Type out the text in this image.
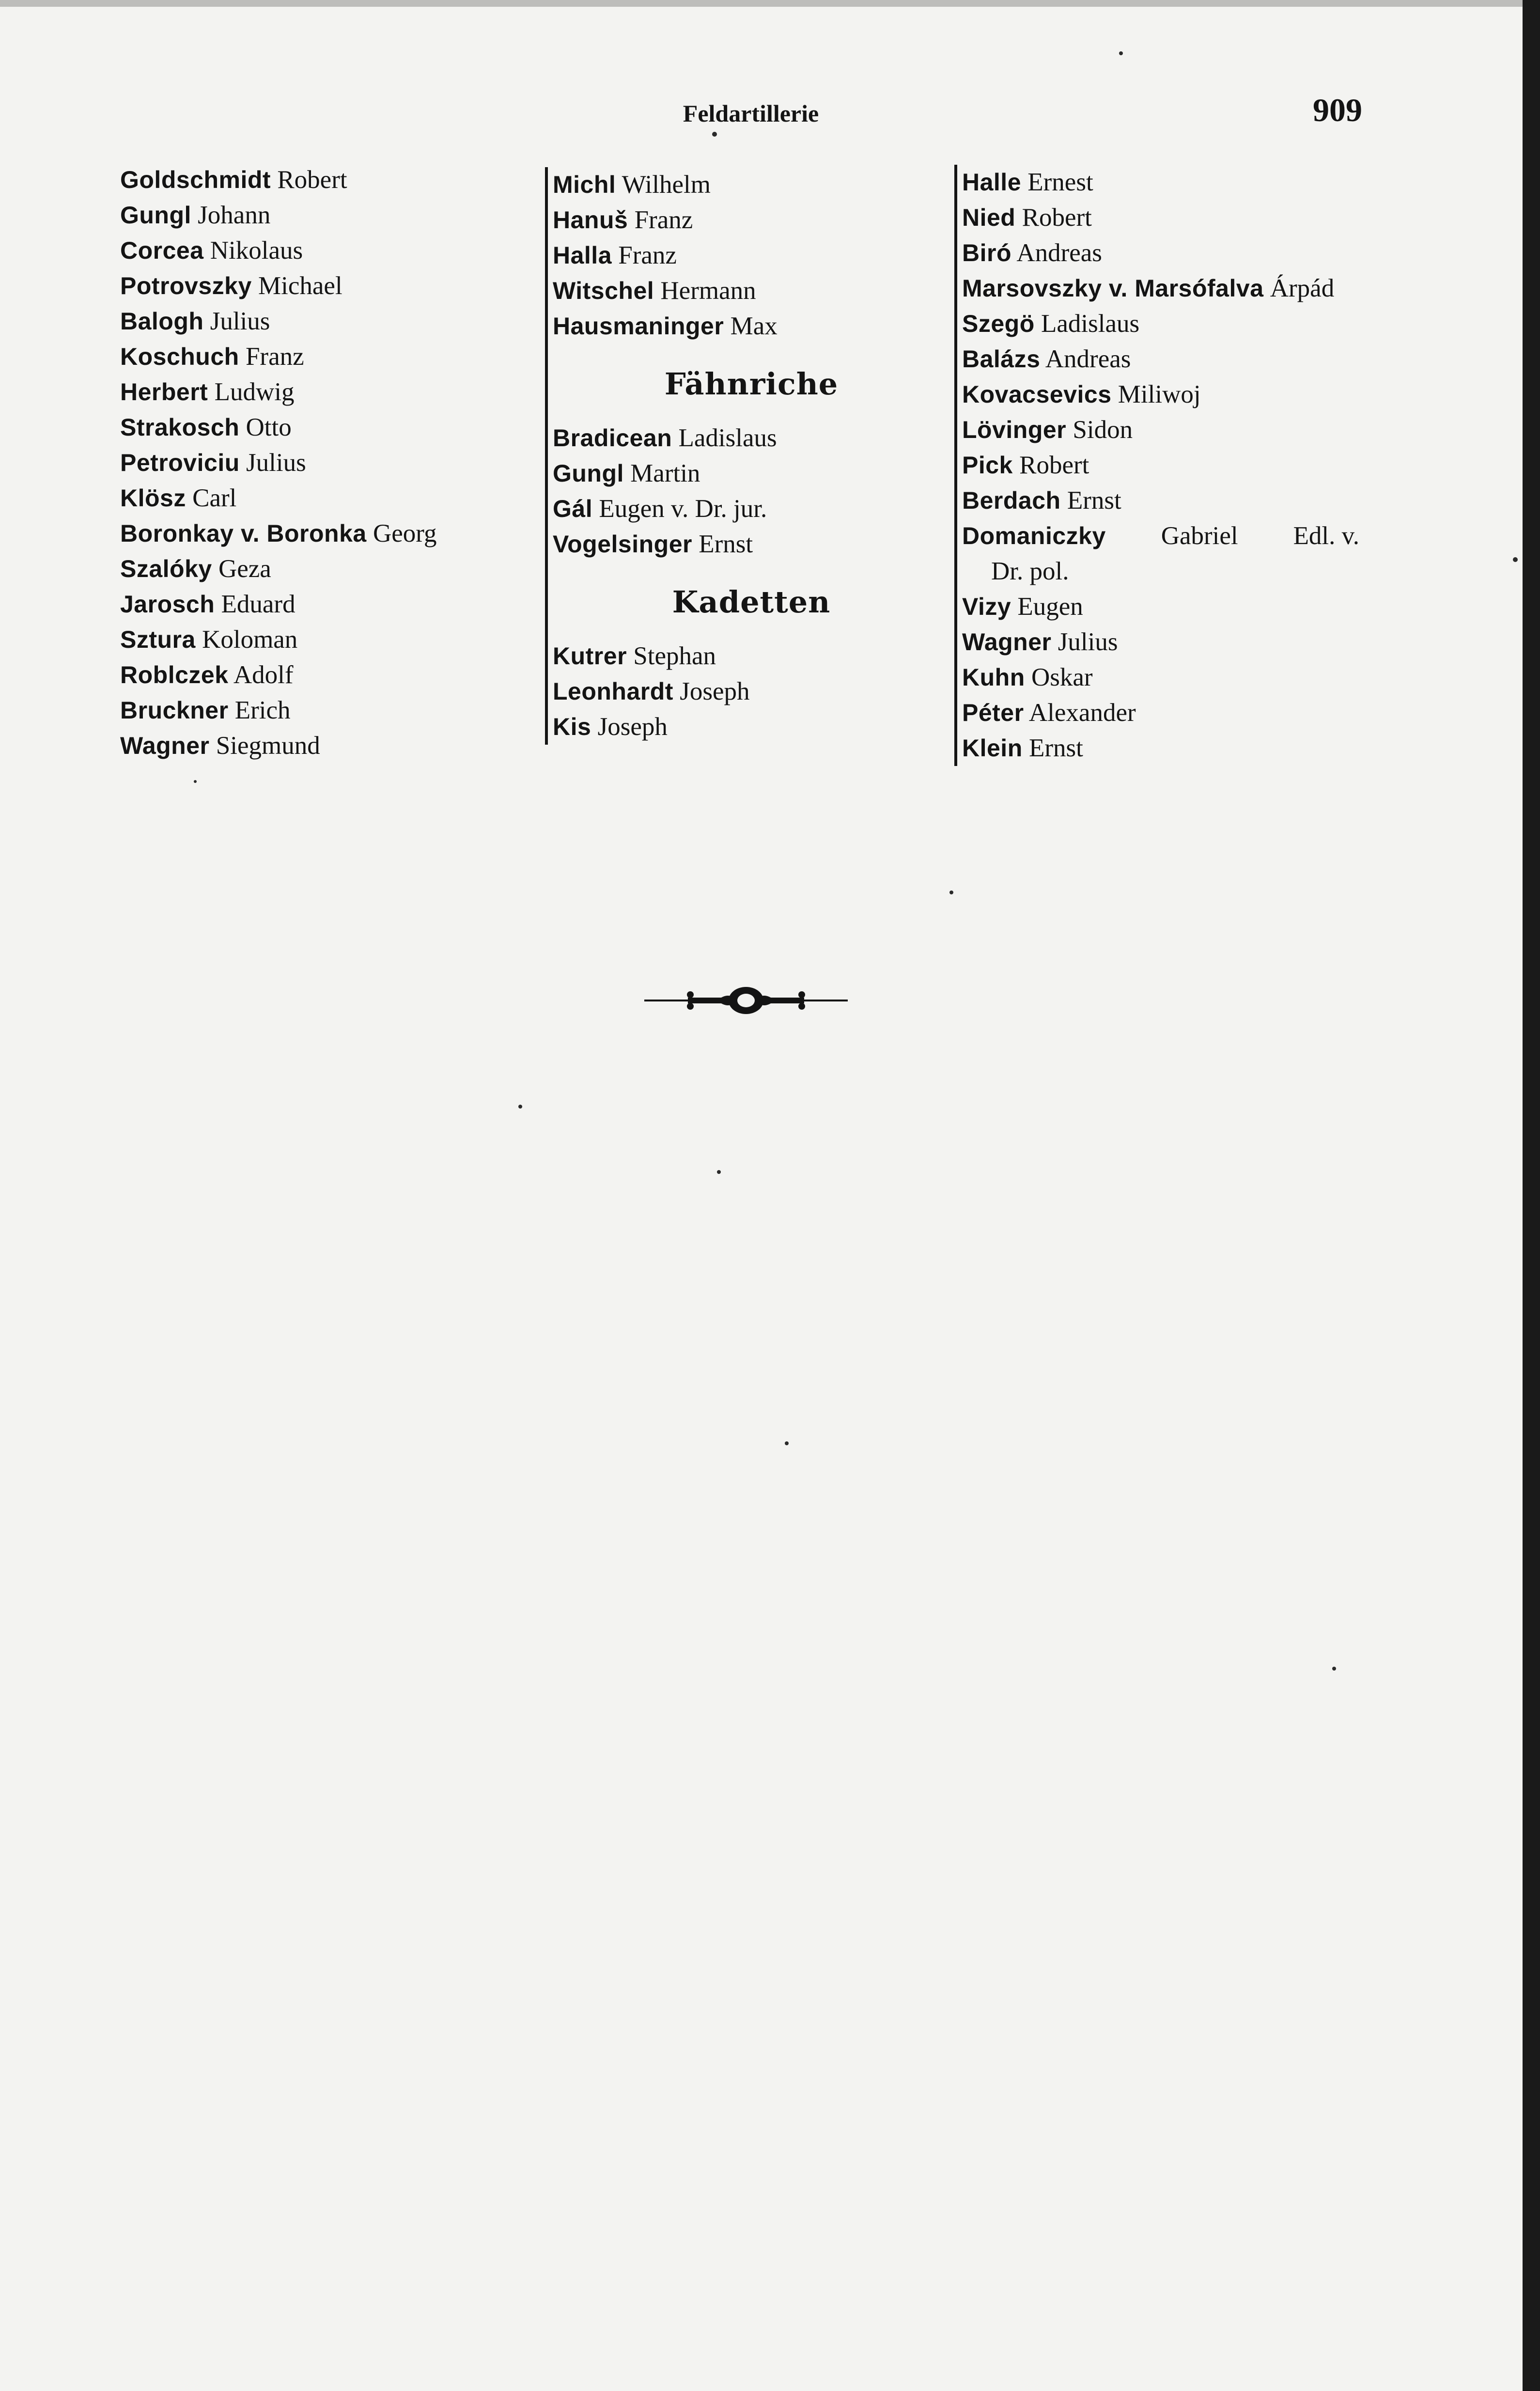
Feldartillerie	909
Goldschmidt Robert
Gungl Johann
Corcea Nikolaus
Potrovszky Michael
Balogh Julius
Koschuch Franz
Herbert Ludwig
Strakosch Otto
Petroviciu Julius
Klösz Carl
Boronkay v. Boronka Georg
Szalóky Geza
Jarosch Eduard
Sztura Koloman
Roblczek Adolf
Bruckner Erich
Wagner Siegmund
Michl Wilhelm
Hanuš Franz
Halla Franz
Witschel Hermann
Hausmaninger Max
Fähnriche
Bradicean Ladislaus
Gungl Martin
Gál Eugen v. Dr. jur.
Vogelsinger Ernst
Kadetten
Kutrer Stephan
Leonhardt Joseph
Kis Joseph
Halle Ernest
Nied Robert
Biró Andreas
Marsovszky v. Marsófalva Árpád
Szegö Ladislaus
Balázs Andreas
Kovacsevics Miliwoj
Lövinger Sidon
Pick Robert
Berdach Ernst
Domaniczky Gabriel Edl. v.
Dr. pol.
Vizy Eugen
Wagner Julius
Kuhn Oskar
Péter Alexander
Klein Ernst
